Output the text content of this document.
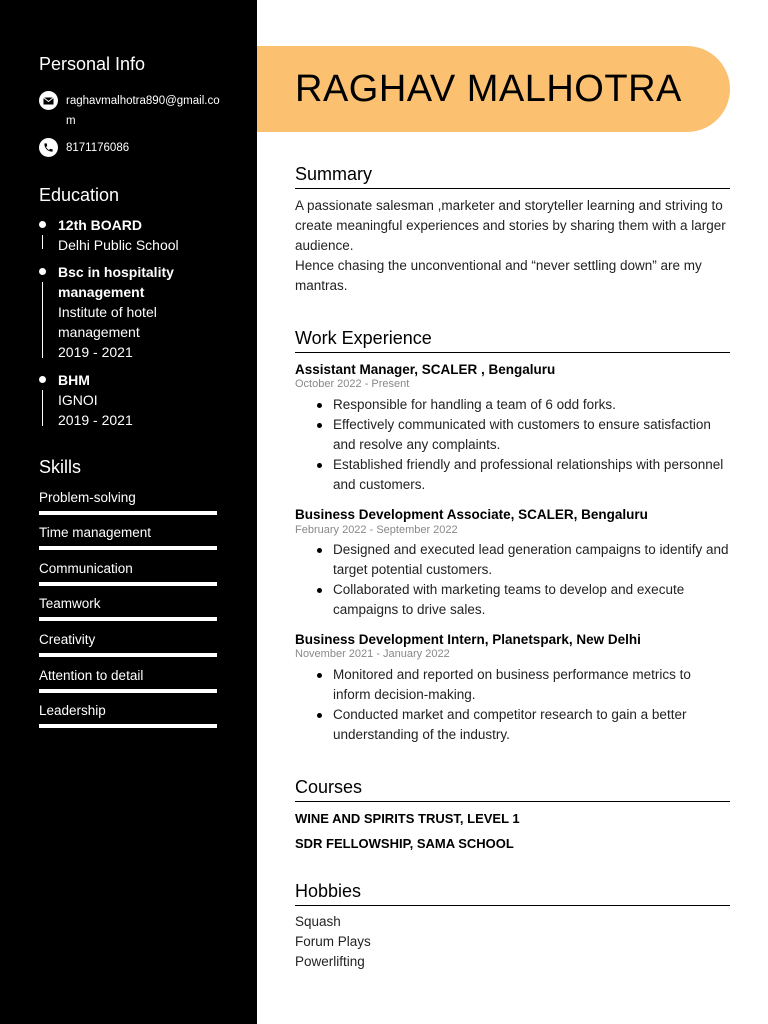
Personal Info
raghavmalhotra890@gmail.com
8171176086
Education
12th BOARD
Delhi Public School
Bsc in hospitality management
Institute of hotel management
2019 - 2021
BHM
IGNOI
2019 - 2021
Skills
Problem-solving
Time management
Communication
Teamwork
Creativity
Attention to detail
Leadership
RAGHAV MALHOTRA
Summary
A passionate salesman ,marketer and storyteller learning and striving to create meaningful experiences and stories by sharing them with a larger audience.
Hence chasing the unconventional and “never settling down” are my mantras.
Work Experience
Assistant Manager, SCALER , Bengaluru
October 2022 - Present
Responsible for handling a team of 6 odd forks.
Effectively communicated with customers to ensure satisfaction and resolve any complaints.
Established friendly and professional relationships with personnel and customers.
Business Development Associate, SCALER, Bengaluru
February 2022 - September 2022
Designed and executed lead generation campaigns to identify and target potential customers.
Collaborated with marketing teams to develop and execute campaigns to drive sales.
Business Development Intern, Planetspark, New Delhi
November 2021 - January 2022
Monitored and reported on business performance metrics to inform decision-making.
Conducted market and competitor research to gain a better understanding of the industry.
Courses
WINE AND SPIRITS TRUST, LEVEL 1
SDR FELLOWSHIP, SAMA SCHOOL
Hobbies
Squash
Forum Plays
Powerlifting
